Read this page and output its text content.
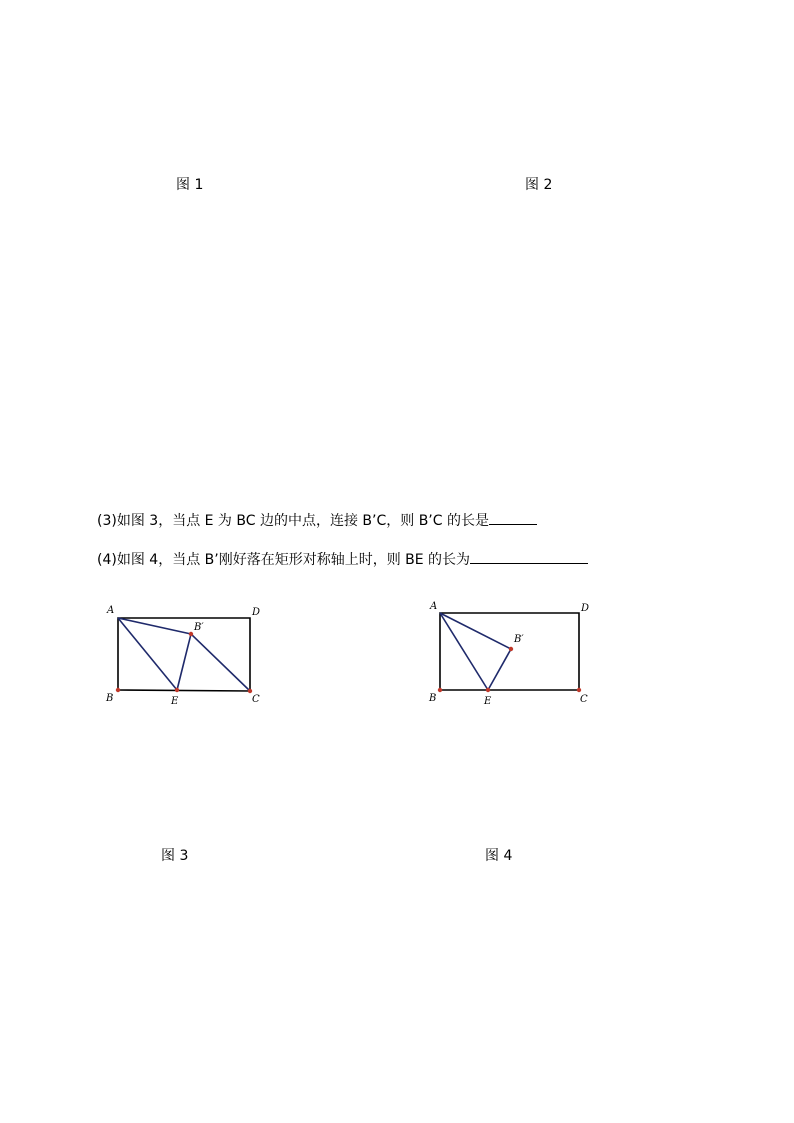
图 1	图 2
(3)如图 3，当点 E 为 BC 边的中点，连接 B’C，则 B’C 的长是
(4)如图 4，当点 B’刚好落在矩形对称轴上时，则 BE 的长为
A	D
B	E	C
B′
A	D
B	E	C
B′
图 3	图 4
